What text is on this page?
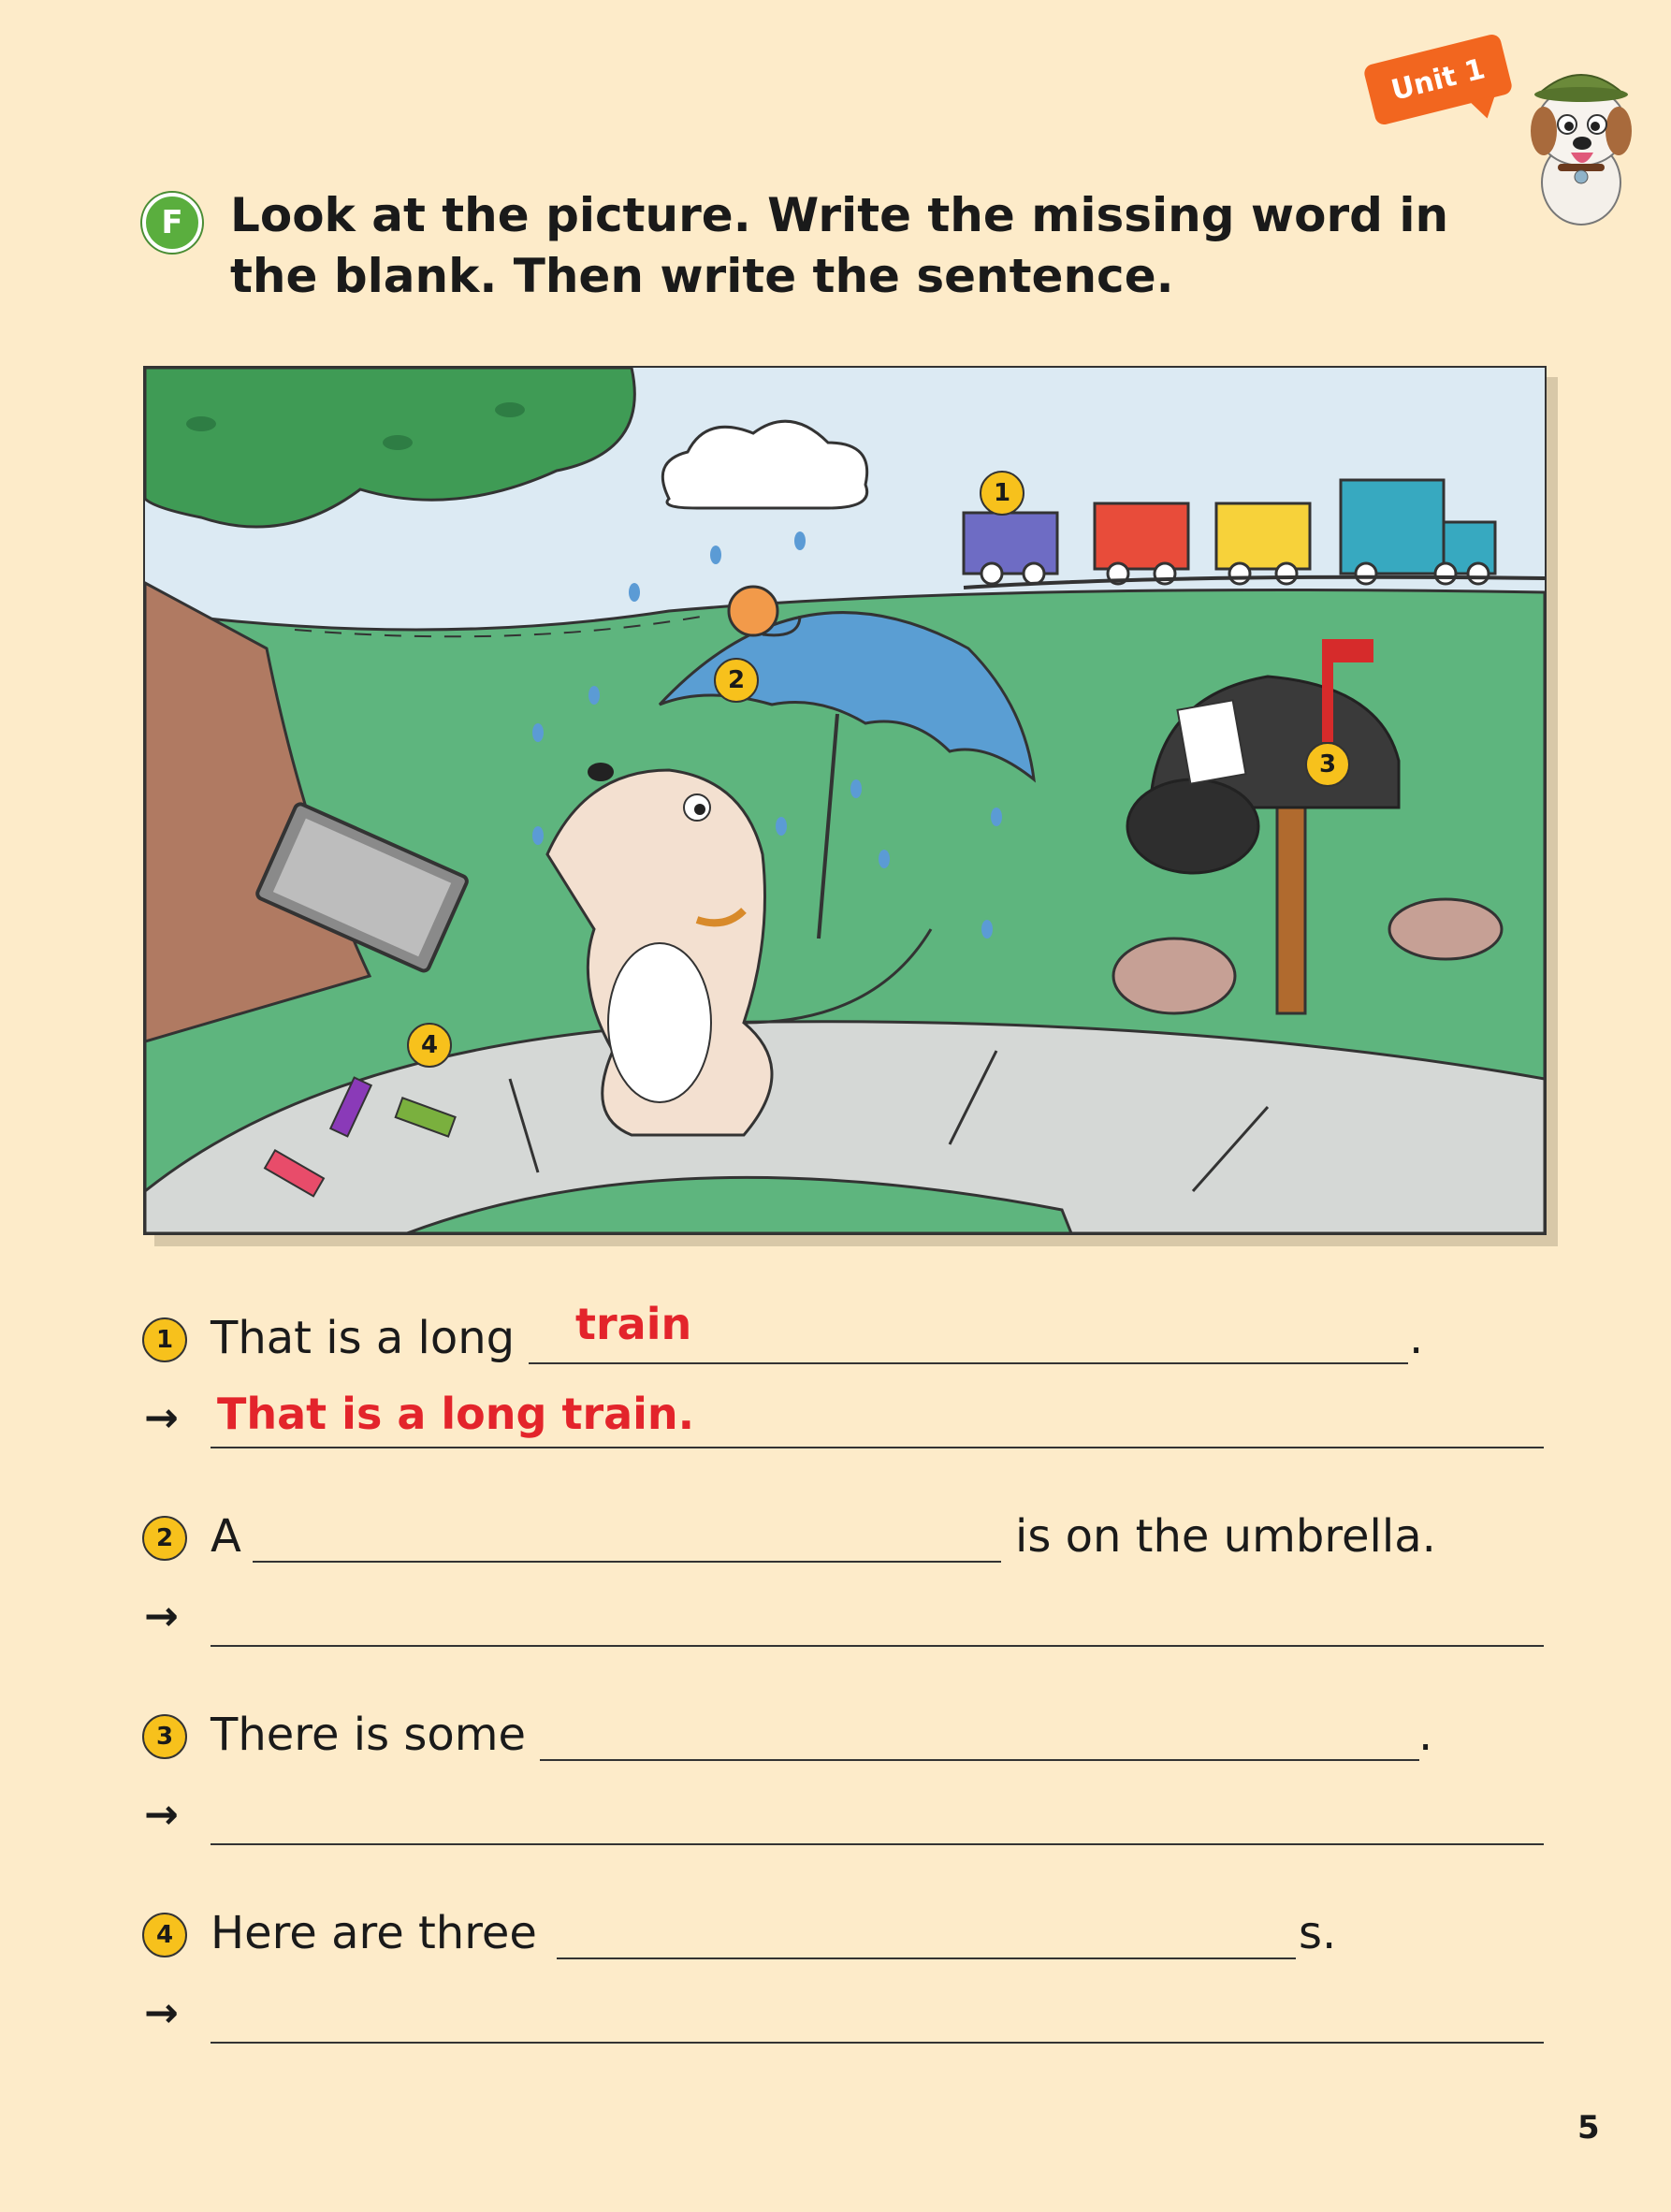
Unit 1
F Look at the picture. Write the missing word in the blank. Then write the sentence.
1
2
3
4
1 That is a long train	.
→ That is a long train.
2 A	is on the umbrella.
→
3 There is some	.
→
4 Here are three	s.
→
5
